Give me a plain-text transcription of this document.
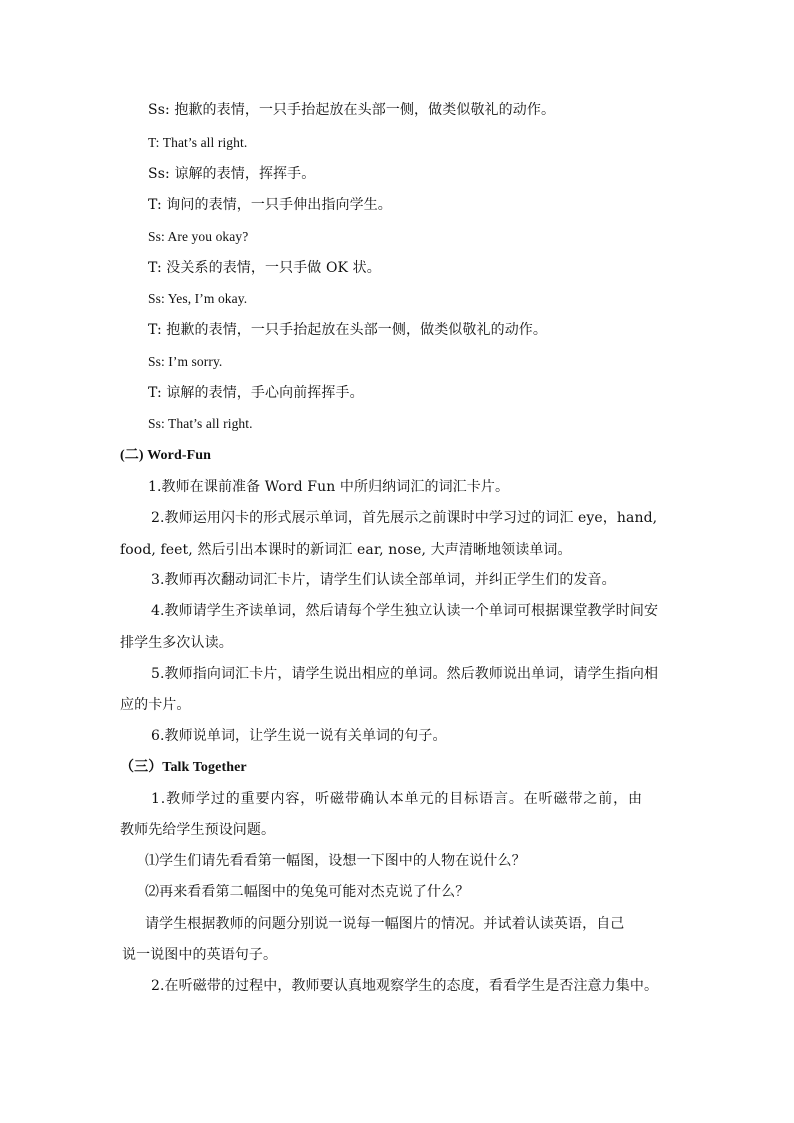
Ss: 抱歉的表情，一只手抬起放在头部一侧，做类似敬礼的动作。
T: That’s all right.
Ss: 谅解的表情，挥挥手。
T: 询问的表情，一只手伸出指向学生。
Ss: Are you okay?
T: 没关系的表情，一只手做 OK 状。
Ss: Yes, I’m okay.
T: 抱歉的表情，一只手抬起放在头部一侧，做类似敬礼的动作。
Ss: I’m sorry.
T: 谅解的表情，手心向前挥挥手。
Ss: That’s all right.
(二) Word-Fun
1.教师在课前准备 Word Fun 中所归纳词汇的词汇卡片。
2.教师运用闪卡的形式展示单词，首先展示之前课时中学习过的词汇 eye，hand,
food, feet, 然后引出本课时的新词汇 ear, nose, 大声清晰地领读单词。
3.教师再次翻动词汇卡片，请学生们认读全部单词，并纠正学生们的发音。
4.教师请学生齐读单词，然后请每个学生独立认读一个单词可根据课堂教学时间安
排学生多次认读。
5.教师指向词汇卡片，请学生说出相应的单词。然后教师说出单词，请学生指向相
应的卡片。
6.教师说单词，让学生说一说有关单词的句子。
（三）Talk Together
1.教师学过的重要内容，听磁带确认本单元的目标语言。在听磁带之前，由
教师先给学生预设问题。
⑴学生们请先看看第一幅图，设想一下图中的人物在说什么？
⑵再来看看第二幅图中的兔兔可能对杰克说了什么？
请学生根据教师的问题分别说一说每一幅图片的情况。并试着认读英语，自己
说一说图中的英语句子。
2.在听磁带的过程中，教师要认真地观察学生的态度，看看学生是否注意力集中。
